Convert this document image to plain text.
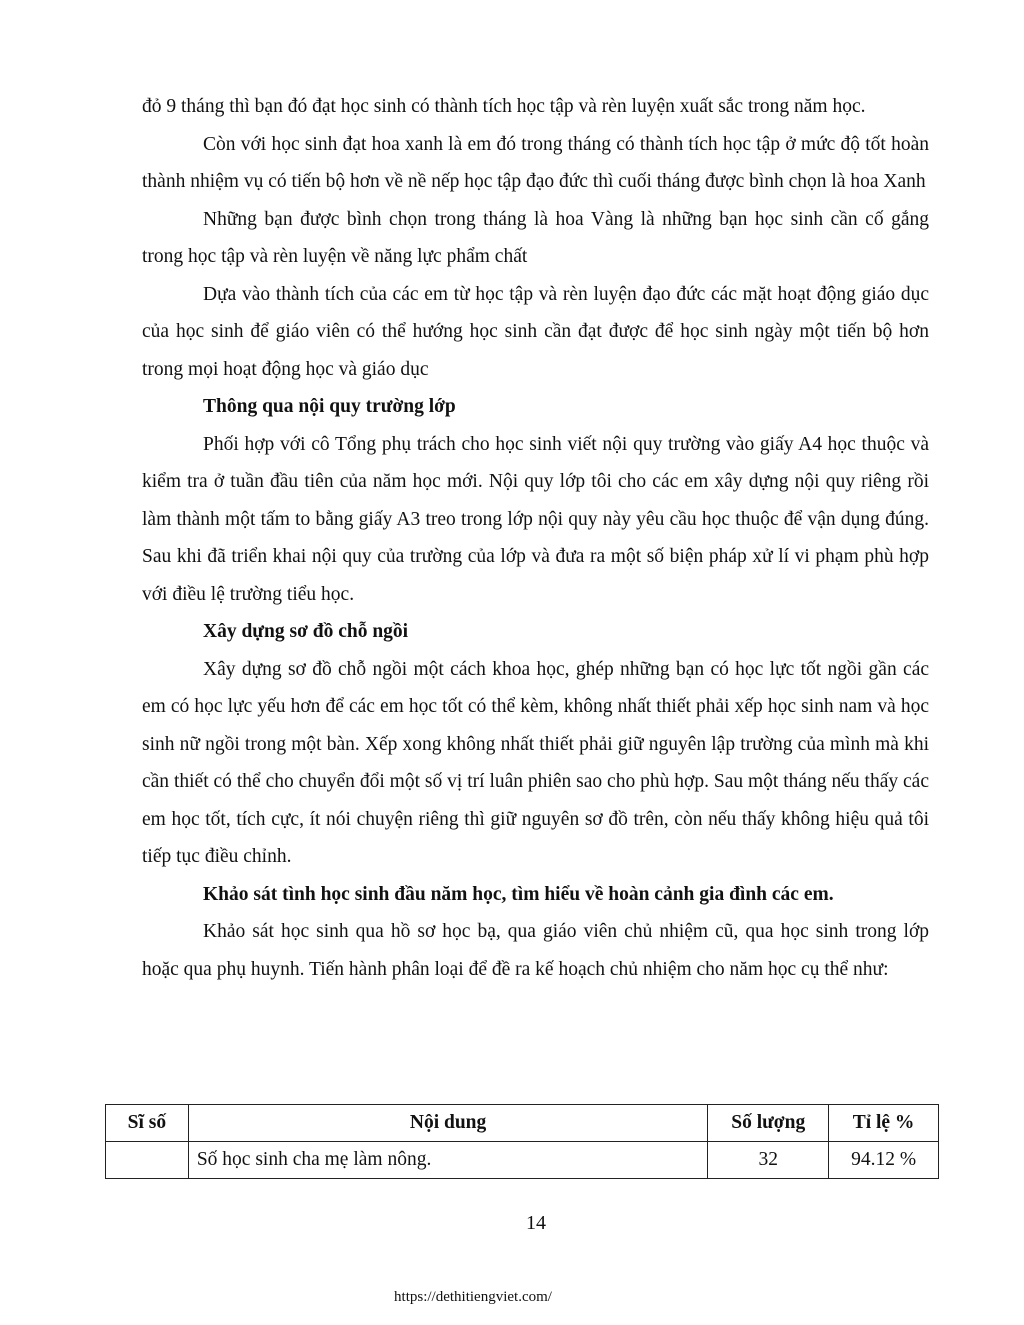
đỏ 9 tháng thì bạn đó đạt học sinh có thành tích học tập và rèn luyện xuất sắc trong năm học.

Còn với học sinh đạt hoa xanh là em đó trong tháng có thành tích học tập ở mức độ tốt hoàn thành nhiệm vụ có tiến bộ hơn về nề nếp học tập đạo đức thì cuối tháng được bình chọn là hoa Xanh

Những bạn được bình chọn trong tháng là hoa Vàng là những bạn học sinh cần cố gắng trong học tập và rèn luyện về năng lực phẩm chất

Dựa vào thành tích của các em từ học tập và rèn luyện đạo đức các mặt hoạt động giáo dục của học sinh để giáo viên có thể hướng học sinh cần đạt được để học sinh ngày một tiến bộ hơn trong mọi hoạt động học và giáo dục

Thông qua nội quy trường lớp

Phối hợp với cô Tổng phụ trách cho học sinh viết nội quy trường vào giấy A4 học thuộc và kiểm tra ở tuần đầu tiên của năm học mới. Nội quy lớp tôi cho các em xây dựng nội quy riêng rồi làm thành một tấm to bằng giấy A3 treo trong lớp nội quy này yêu cầu học thuộc để vận dụng đúng. Sau khi đã triển khai nội quy của trường của lớp và đưa ra một số biện pháp xử lí vi phạm phù hợp với điều lệ trường tiểu học.

Xây dựng sơ đồ chỗ ngồi

Xây dựng sơ đồ chỗ ngồi một cách khoa học, ghép những bạn có học lực tốt ngồi gần các em có học lực yếu hơn để các em học tốt có thể kèm, không nhất thiết phải xếp học sinh nam và học sinh nữ ngồi trong một bàn. Xếp xong không nhất thiết phải giữ nguyên lập trường của mình mà khi cần thiết có thể cho chuyển đổi một số vị trí luân phiên sao cho phù hợp. Sau một tháng nếu thấy các em học tốt, tích cực, ít nói chuyện riêng thì giữ nguyên sơ đồ trên, còn nếu thấy không hiệu quả tôi tiếp tục điều chỉnh.

Khảo sát tình học sinh đầu năm học, tìm hiểu về hoàn cảnh gia đình các em.

Khảo sát học sinh qua hồ sơ học bạ, qua giáo viên chủ nhiệm cũ, qua học sinh trong lớp hoặc qua phụ huynh. Tiến hành phân loại để đề ra kế hoạch chủ nhiệm cho năm học cụ thể như:

Sĩ số	Nội dung	Số lượng	Tỉ lệ %
	Số học sinh cha mẹ làm nông.	32	94.12 %
14
https://dethitiengviet.com/
